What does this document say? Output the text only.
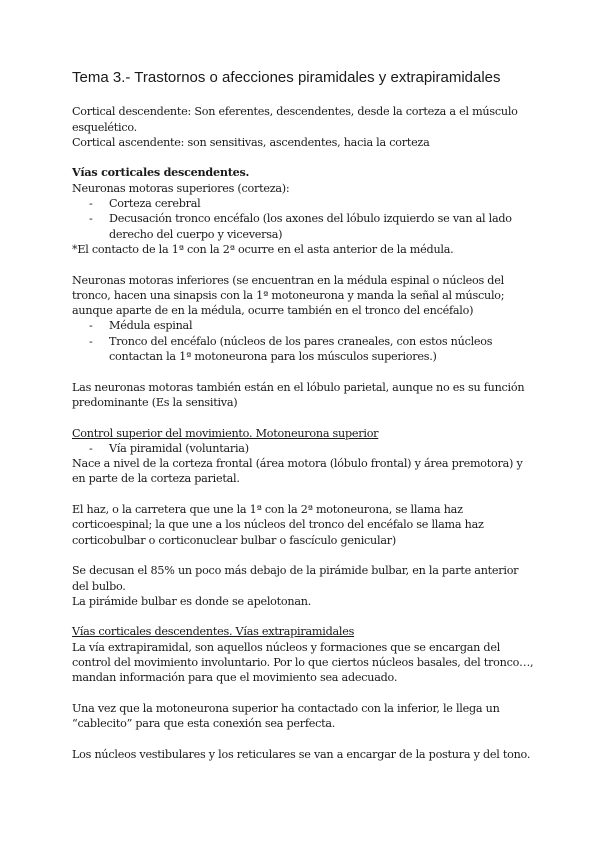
Tema 3.- Trastornos o afecciones piramidales y extrapiramidales

Cortical descendente: Son eferentes, descendentes, desde la corteza a el músculo esquelético.

Cortical ascendente: son sensitivas, ascendentes, hacia la corteza

Vías corticales descendentes.

Neuronas motoras superiores (corteza):

- Corteza cerebral
- Decusación tronco encéfalo (los axones del lóbulo izquierdo se van al lado derecho del cuerpo y viceversa)

*El contacto de la 1ª con la 2ª ocurre en el asta anterior de la médula.

Neuronas motoras inferiores (se encuentran en la médula espinal o núcleos del tronco, hacen una sinapsis con la 1ª motoneurona y manda la señal al músculo; aunque aparte de en la médula, ocurre también en el tronco del encéfalo)

- Médula espinal
- Tronco del encéfalo (núcleos de los pares craneales, con estos núcleos contactan la 1ª motoneurona para los músculos superiores.)

Las neuronas motoras también están en el lóbulo parietal, aunque no es su función predominante (Es la sensitiva)

Control superior del movimiento. Motoneurona superior

- Vía piramidal (voluntaria)

Nace a nivel de la corteza frontal (área motora (lóbulo frontal) y área premotora) y en parte de la corteza parietal.

El haz, o la carretera que une la 1ª con la 2ª motoneurona, se llama haz corticoespinal; la que une a los núcleos del tronco del encéfalo se llama haz corticobulbar o corticonuclear bulbar o fascículo genicular)

Se decusan el 85% un poco más debajo de la pirámide bulbar, en la parte anterior del bulbo.

La pirámide bulbar es donde se apelotonan.

Vías corticales descendentes. Vías extrapiramidales

La vía extrapiramidal, son aquellos núcleos y formaciones que se encargan del control del movimiento involuntario. Por lo que ciertos núcleos basales, del tronco…, mandan información para que el movimiento sea adecuado.

Una vez que la motoneurona superior ha contactado con la inferior, le llega un “cablecito” para que esta conexión sea perfecta.

Los núcleos vestibulares y los reticulares se van a encargar de la postura y del tono.
